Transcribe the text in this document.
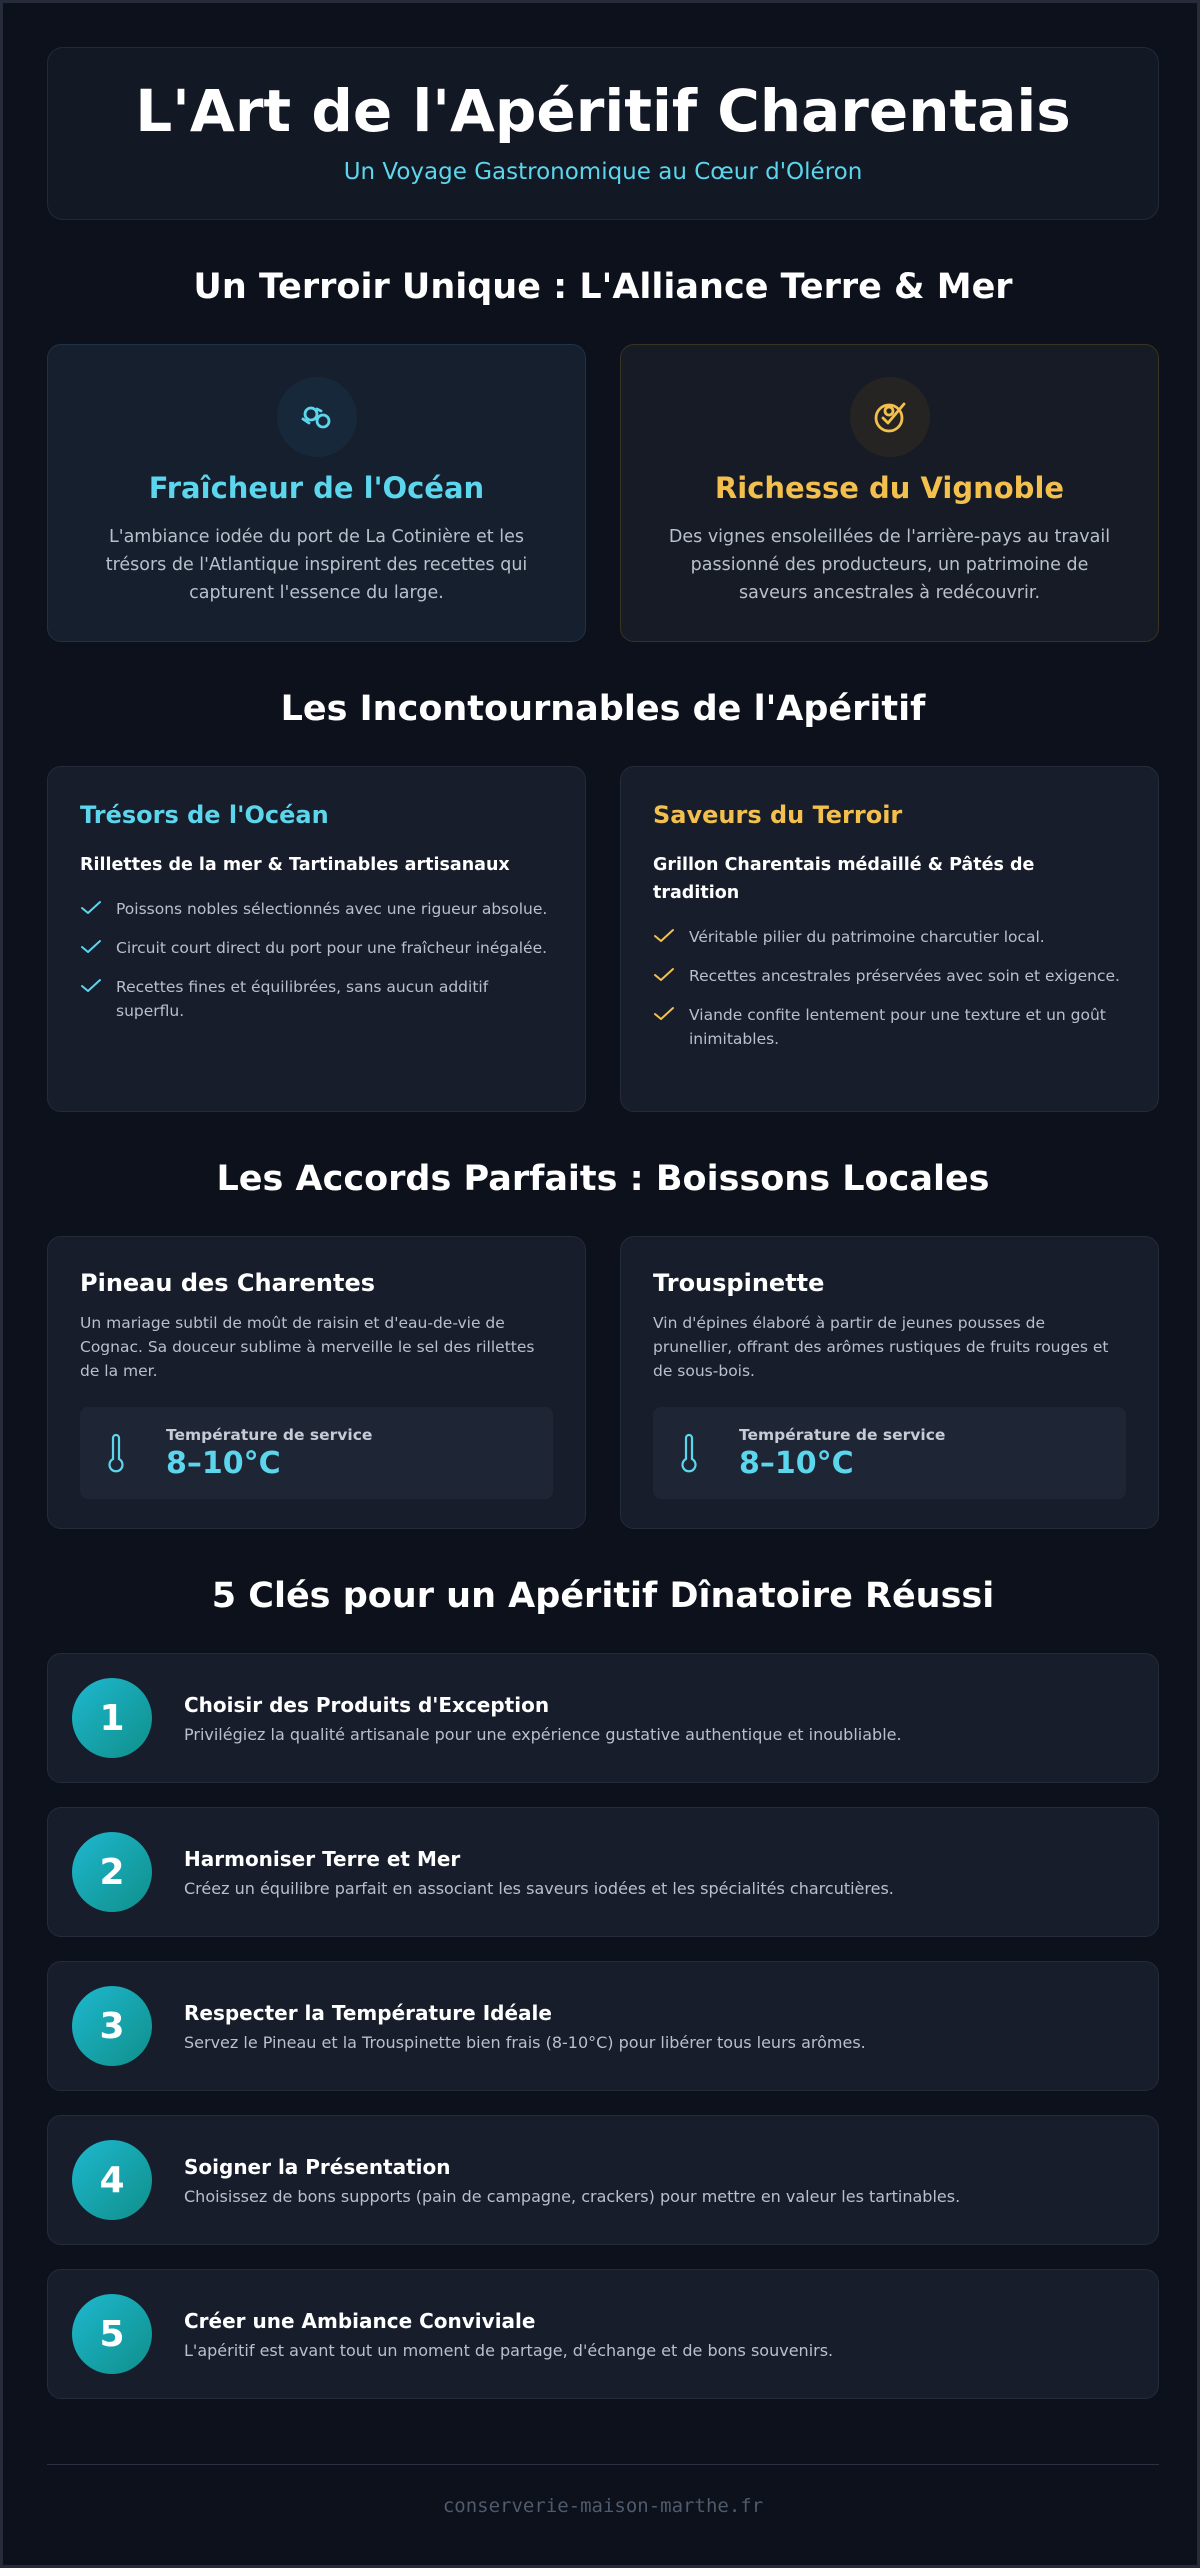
L'Art de l'Apéritif Charentais
Un Voyage Gastronomique au Cœur d'Oléron
Un Terroir Unique : L'Alliance Terre & Mer
Fraîcheur de l'Océan

L'ambiance iodée du port de La Cotinière et les trésors de l'Atlantique inspirent des recettes qui capturent l'essence du large.

Richesse du Vignoble

Des vignes ensoleillées de l'arrière-pays au travail passionné des producteurs, un patrimoine de saveurs ancestrales à redécouvrir.

Les Incontournables de l'Apéritif
Trésors de l'Océan
Rillettes de la mer & Tartinables artisanaux
Poissons nobles sélectionnés avec une rigueur absolue.
Circuit court direct du port pour une fraîcheur inégalée.
Recettes fines et équilibrées, sans aucun additif superflu.
Saveurs du Terroir
Grillon Charentais médaillé & Pâtés de tradition
Véritable pilier du patrimoine charcutier local.
Recettes ancestrales préservées avec soin et exigence.
Viande confite lentement pour une texture et un goût inimitables.
Les Accords Parfaits : Boissons Locales
Pineau des Charentes

Un mariage subtil de moût de raisin et d'eau-de-vie de Cognac. Sa douceur sublime à merveille le sel des rillettes de la mer.

Température de service
8–10°C
Trouspinette

Vin d'épines élaboré à partir de jeunes pousses de prunellier, offrant des arômes rustiques de fruits rouges et de sous-bois.

Température de service
8–10°C
5 Clés pour un Apéritif Dînatoire Réussi
1	Choisir des Produits d'Exception
Privilégiez la qualité artisanale pour une expérience gustative authentique et inoubliable.
2	Harmoniser Terre et Mer
Créez un équilibre parfait en associant les saveurs iodées et les spécialités charcutières.
3	Respecter la Température Idéale
Servez le Pineau et la Trouspinette bien frais (8-10°C) pour libérer tous leurs arômes.
4	Soigner la Présentation
Choisissez de bons supports (pain de campagne, crackers) pour mettre en valeur les tartinables.
5	Créer une Ambiance Conviviale
L'apéritif est avant tout un moment de partage, d'échange et de bons souvenirs.
conserverie-maison-marthe.fr
